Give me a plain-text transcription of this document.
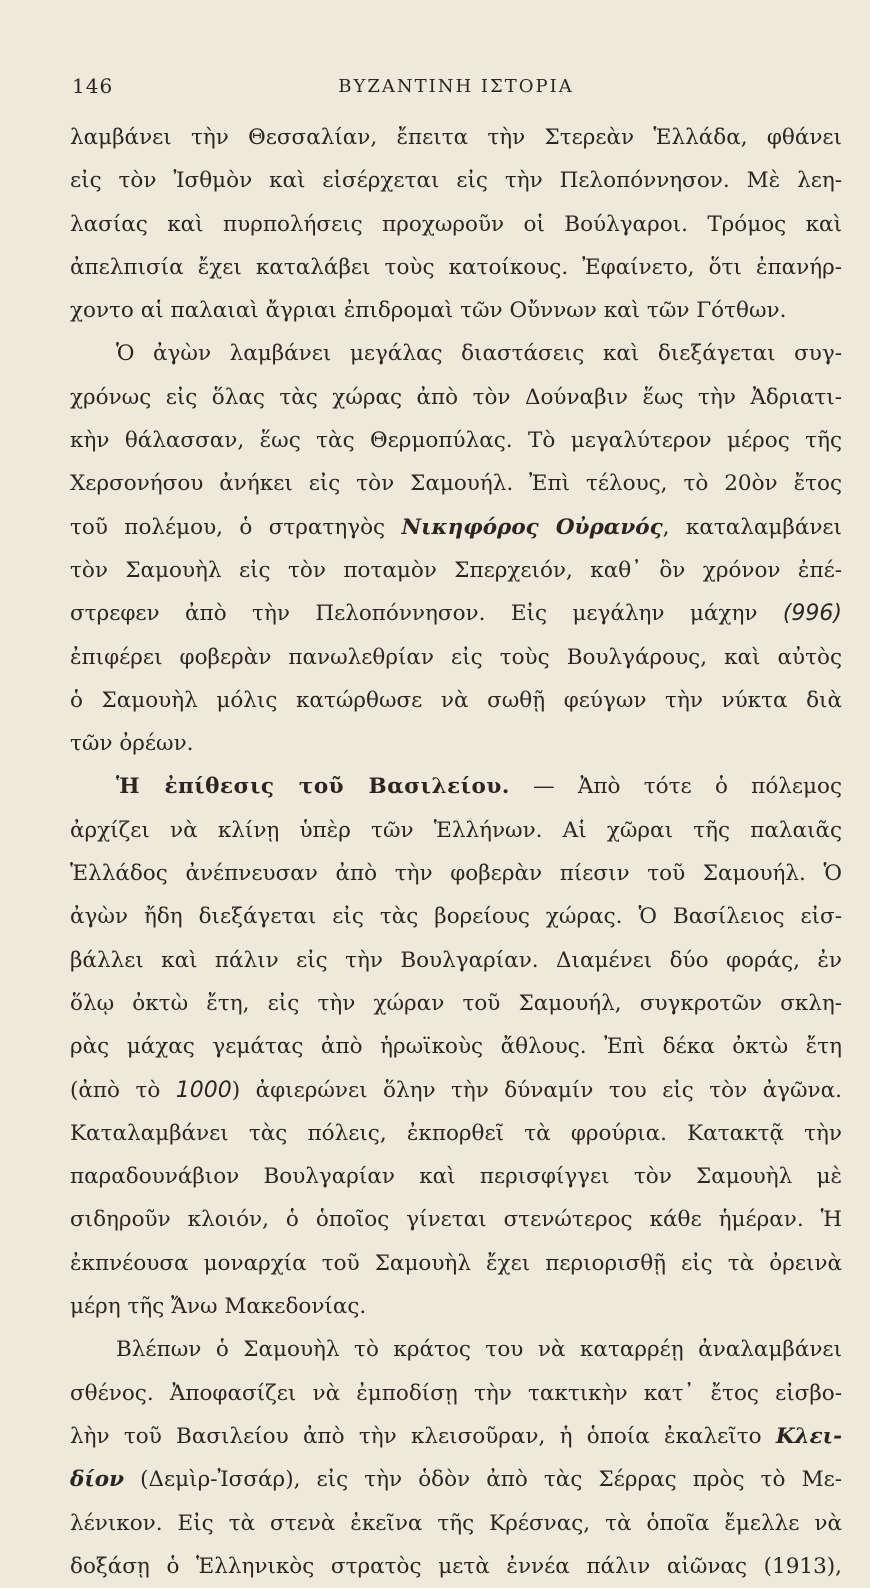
146	ΒΥΖΑΝΤΙΝΗ ΙΣΤΟΡΙΑ
λαμβάνει τὴν Θεσσαλίαν, ἔπειτα τὴν Στερεὰν Ἑλλάδα, φθάνει
εἰς τὸν Ἰσθμὸν καὶ εἰσέρχεται εἰς τὴν Πελοπόννησον. Μὲ λεη-
λασίας καὶ πυρπολήσεις προχωροῦν οἱ Βούλγαροι. Τρόμος καὶ
ἀπελπισία ἔχει καταλάβει τοὺς κατοίκους. Ἐφαίνετο, ὅτι ἐπανήρ-
χοντο αἱ παλαιαὶ ἄγριαι ἐπιδρομαὶ τῶν Οὔννων καὶ τῶν Γότθων.
Ὁ ἀγὼν λαμβάνει μεγάλας διαστάσεις καὶ διεξάγεται συγ-
χρόνως εἰς ὅλας τὰς χώρας ἀπὸ τὸν Δούναβιν ἕως τὴν Ἀδριατι-
κὴν θάλασσαν, ἕως τὰς Θερμοπύλας. Τὸ μεγαλύτερον μέρος τῆς
Χερσονήσου ἀνήκει εἰς τὸν Σαμουήλ. Ἐπὶ τέλους, τὸ 20ὸν ἔτος
τοῦ πολέμου, ὁ στρατηγὸς Νικηφόρος Οὐρανός, καταλαμβάνει
τὸν Σαμουὴλ εἰς τὸν ποταμὸν Σπερχειόν, καθ᾽ ὃν χρόνον ἐπέ-
στρεφεν ἀπὸ τὴν Πελοπόννησον. Εἰς μεγάλην μάχην (996)
ἐπιφέρει φοβερὰν πανωλεθρίαν εἰς τοὺς Βουλγάρους, καὶ αὐτὸς
ὁ Σαμουὴλ μόλις κατώρθωσε νὰ σωθῇ φεύγων τὴν νύκτα διὰ
τῶν ὀρέων.
Ἡ ἐπίθεσις τοῦ Βασιλείου. — Ἀπὸ τότε ὁ πόλεμος
ἀρχίζει νὰ κλίνῃ ὑπὲρ τῶν Ἑλλήνων. Αἱ χῶραι τῆς παλαιᾶς
Ἑλλάδος ἀνέπνευσαν ἀπὸ τὴν φοβερὰν πίεσιν τοῦ Σαμουήλ. Ὁ
ἀγὼν ἤδη διεξάγεται εἰς τὰς βορείους χώρας. Ὁ Βασίλειος εἰσ-
βάλλει καὶ πάλιν εἰς τὴν Βουλγαρίαν. Διαμένει δύο φοράς, ἐν
ὅλῳ ὀκτὼ ἔτη, εἰς τὴν χώραν τοῦ Σαμουήλ, συγκροτῶν σκλη-
ρὰς μάχας γεμάτας ἀπὸ ἡρωϊκοὺς ἄθλους. Ἐπὶ δέκα ὀκτὼ ἔτη
(ἀπὸ τὸ 1000) ἀφιερώνει ὅλην τὴν δύναμίν του εἰς τὸν ἀγῶνα.
Καταλαμβάνει τὰς πόλεις, ἐκπορθεῖ τὰ φρούρια. Κατακτᾷ τὴν
παραδουνάβιον Βουλγαρίαν καὶ περισφίγγει τὸν Σαμουὴλ μὲ
σιδηροῦν κλοιόν, ὁ ὁποῖος γίνεται στενώτερος κάθε ἡμέραν. Ἡ
ἐκπνέουσα μοναρχία τοῦ Σαμουὴλ ἔχει περιορισθῇ εἰς τὰ ὀρεινὰ
μέρη τῆς Ἄνω Μακεδονίας.
Βλέπων ὁ Σαμουὴλ τὸ κράτος του νὰ καταρρέῃ ἀναλαμβάνει
σθένος. Ἀποφασίζει νὰ ἐμποδίσῃ τὴν τακτικὴν κατ᾽ ἔτος εἰσβο-
λὴν τοῦ Βασιλείου ἀπὸ τὴν κλεισοῦραν, ἡ ὁποία ἐκαλεῖτο Κλει-
δίον (Δεμὶρ-Ἰσσάρ), εἰς τὴν ὁδὸν ἀπὸ τὰς Σέρρας πρὸς τὸ Με-
λένικον. Εἰς τὰ στενὰ ἐκεῖνα τῆς Κρέσνας, τὰ ὁποῖα ἔμελλε νὰ
δοξάσῃ ὁ Ἑλληνικὸς στρατὸς μετὰ ἐννέα πάλιν αἰῶνας (1913),
